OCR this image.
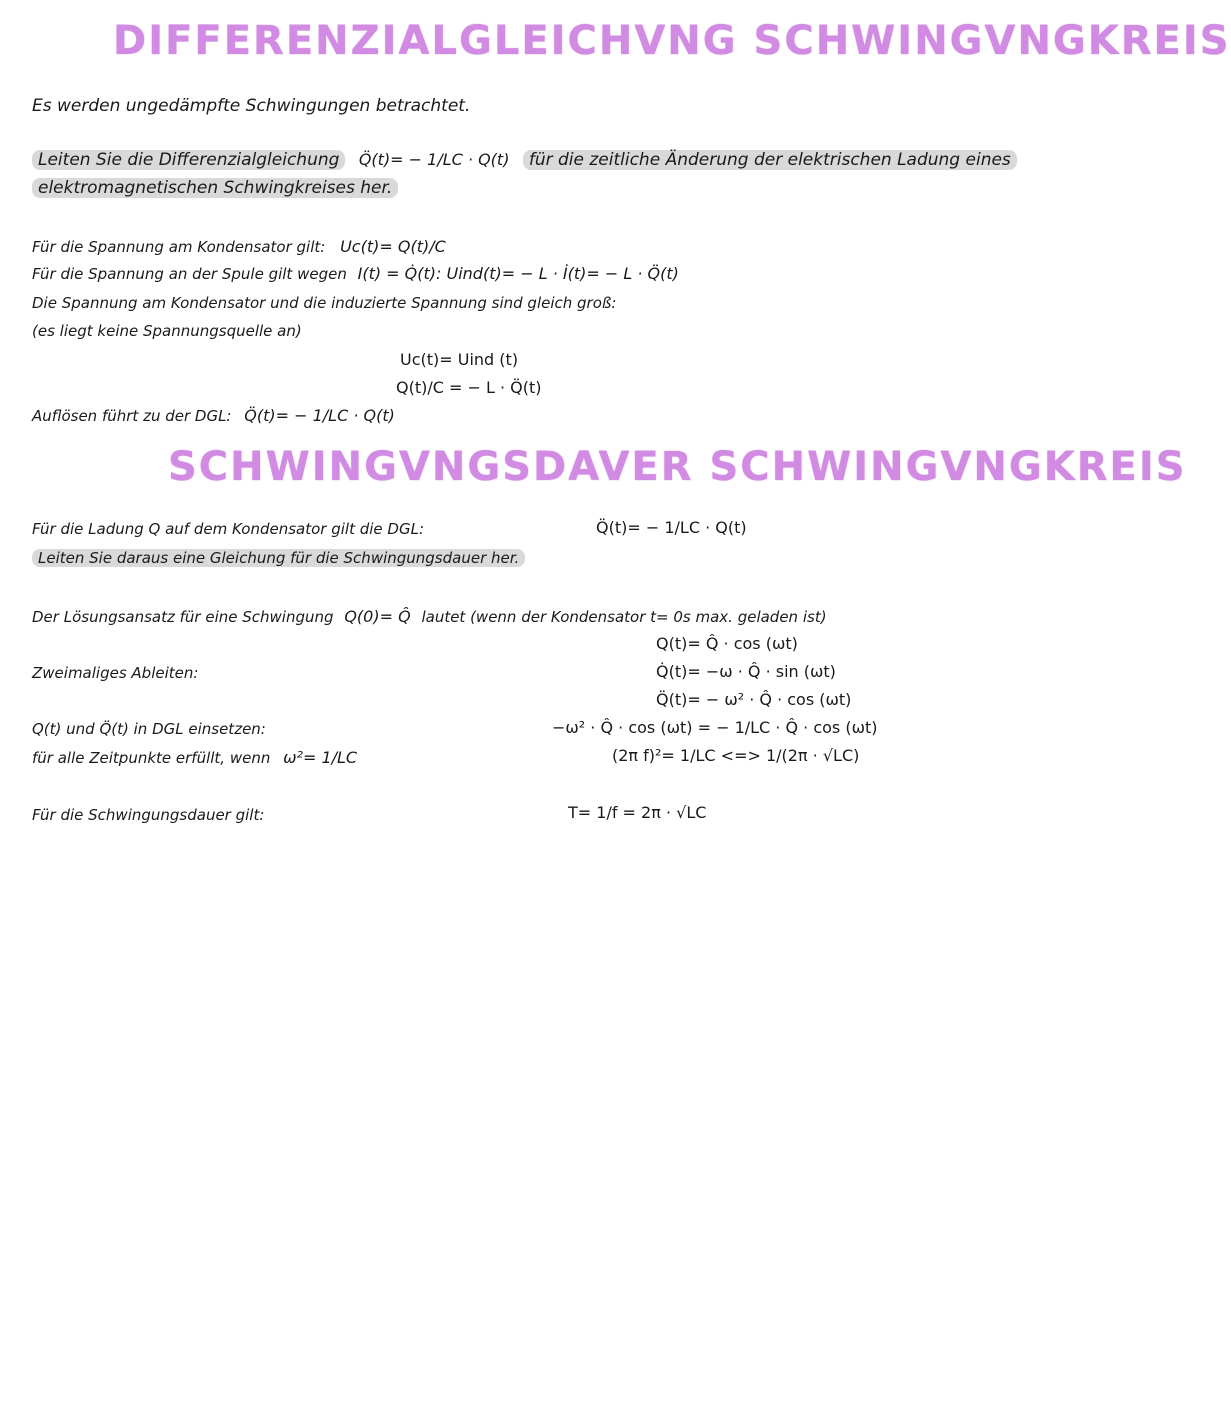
DIFFERENZIALGLEICHVNG SCHWINGVNGKREIS
Es werden ungedämpfte Schwingungen betrachtet.
Leiten Sie die Differenzialgleichung Q̈(t)= − 1/LC · Q(t) für die zeitliche Änderung der elektrischen Ladung eines
elektromagnetischen Schwingkreises her.
Für die Spannung am Kondensator gilt: Uc(t)= Q(t)/C
Für die Spannung an der Spule gilt wegen I(t) = Q̇(t): Uind(t)= − L · İ(t)= − L · Q̈(t)
Die Spannung am Kondensator und die induzierte Spannung sind gleich groß:
(es liegt keine Spannungsquelle an)
Uc(t)= Uind (t)
Q(t)/C = − L · Q̈(t)
Auflösen führt zu der DGL: Q̈(t)= − 1/LC · Q(t)
SCHWINGVNGSDAVER SCHWINGVNGKREIS
Für die Ladung Q auf dem Kondensator gilt die DGL:	Q̈(t)= − 1/LC · Q(t)
Leiten Sie daraus eine Gleichung für die Schwingungsdauer her.
Der Lösungsansatz für eine Schwingung Q(0)= Q̂ lautet (wenn der Kondensator t= 0s max. geladen ist)
Q(t)= Q̂ · cos (ωt)
Zweimaliges Ableiten:	Q̇(t)= −ω · Q̂ · sin (ωt)
Q̈(t)= − ω² · Q̂ · cos (ωt)
Q(t) und Q̈(t) in DGL einsetzen:	−ω² · Q̂ · cos (ωt) = − 1/LC · Q̂ · cos (ωt)
für alle Zeitpunkte erfüllt, wenn ω²= 1/LC	(2π f)²= 1/LC <=> 1/(2π · √LC)
Für die Schwingungsdauer gilt:	T= 1/f = 2π · √LC
